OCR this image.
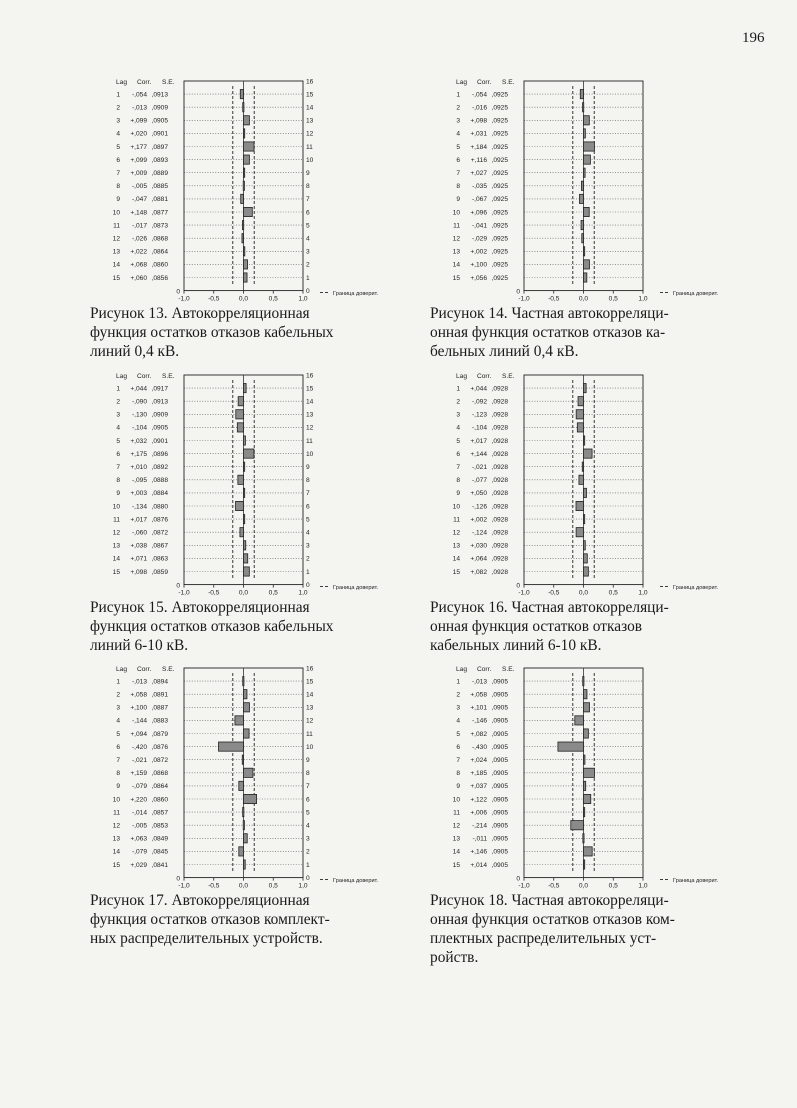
196
Lag Corr. S.E.
1 -,054 ,0913
2 -,013 ,0909
3 +,099 ,0905
4 +,020 ,0901
5 +,177 ,0897
6 +,099 ,0893
7 +,009 ,0889
8 -,005 ,0885
9 -,047 ,0881
10 +,148 ,0877
11 -,017 ,0873
12 -,026 ,0868
13 +,022 ,0864
14 +,068 ,0860
15 +,060 ,0856
16
15
14
13
12
11
10
9
8
7
6
5
4
3
2
1
0
-1,0	-0,5	0,0	0,5	1,0
0	Граница доверит.
Рисунок 13. Автокорреляционная
функция остатков отказов кабельных
линий 0,4 кВ.
Lag Corr. S.E.
1 -,054 ,0925
2 -,016 ,0925
3 +,098 ,0925
4 +,031 ,0925
5 +,184 ,0925
6 +,116 ,0925
7 +,027 ,0925
8 -,035 ,0925
9 -,067 ,0925
10 +,096 ,0925
11 -,041 ,0925
12 -,029 ,0925
13 +,002 ,0925
14 +,100 ,0925
15 +,056 ,0925
-1,0	-0,5	0,0	0,5	1,0
0	Граница доверит.
Рисунок 14. Частная автокорреляци-
онная функция остатков отказов ка-
бельных линий 0,4 кВ.
Lag Corr. S.E.
1 +,044 ,0917
2 -,090 ,0913
3 -,130 ,0909
4 -,104 ,0905
5 +,032 ,0901
6 +,175 ,0896
7 +,010 ,0892
8 -,095 ,0888
9 +,003 ,0884
10 -,134 ,0880
11 +,017 ,0876
12 -,060 ,0872
13 +,038 ,0867
14 +,071 ,0863
15 +,098 ,0859
16
15
14
13
12
11
10
9
8
7
6
5
4
3
2
1
0
-1,0	-0,5	0,0	0,5	1,0
0	Граница доверит.
Рисунок 15. Автокорреляционная
функция остатков отказов кабельных
линий 6-10 кВ.
Lag Corr. S.E.
1 +,044 ,0928
2 -,092 ,0928
3 -,123 ,0928
4 -,104 ,0928
5 +,017 ,0928
6 +,144 ,0928
7 -,021 ,0928
8 -,077 ,0928
9 +,050 ,0928
10 -,126 ,0928
11 +,002 ,0928
12 -,124 ,0928
13 +,030 ,0928
14 +,064 ,0928
15 +,082 ,0928
-1,0	-0,5	0,0	0,5	1,0
0	Граница доверит.
Рисунок 16. Частная автокорреляци-
онная функция остатков отказов
кабельных линий 6-10 кВ.
Lag Corr. S.E.
1 -,013 ,0894
2 +,058 ,0891
3 +,100 ,0887
4 -,144 ,0883
5 +,094 ,0879
6 -,420 ,0876
7 -,021 ,0872
8 +,159 ,0868
9 -,079 ,0864
10 +,220 ,0860
11 -,014 ,0857
12 -,005 ,0853
13 +,063 ,0849
14 -,079 ,0845
15 +,029 ,0841
16
15
14
13
12
11
10
9
8
7
6
5
4
3
2
1
0
-1,0	-0,5	0,0	0,5	1,0
0	Граница доверит.
Рисунок 17. Автокорреляционная
функция остатков отказов комплект-
ных распределительных устройств.
Lag Corr. S.E.
1 -,013 ,0905
2 +,058 ,0905
3 +,101 ,0905
4 -,146 ,0905
5 +,082 ,0905
6 -,430 ,0905
7 +,024 ,0905
8 +,185 ,0905
9 +,037 ,0905
10 +,122 ,0905
11 +,006 ,0905
12 -,214 ,0905
13 -,011 ,0905
14 +,146 ,0905
15 +,014 ,0905
-1,0	-0,5	0,0	0,5	1,0
0	Граница доверит.
Рисунок 18. Частная автокорреляци-
онная функция остатков отказов ком-
плектных распределительных уст-
ройств.
